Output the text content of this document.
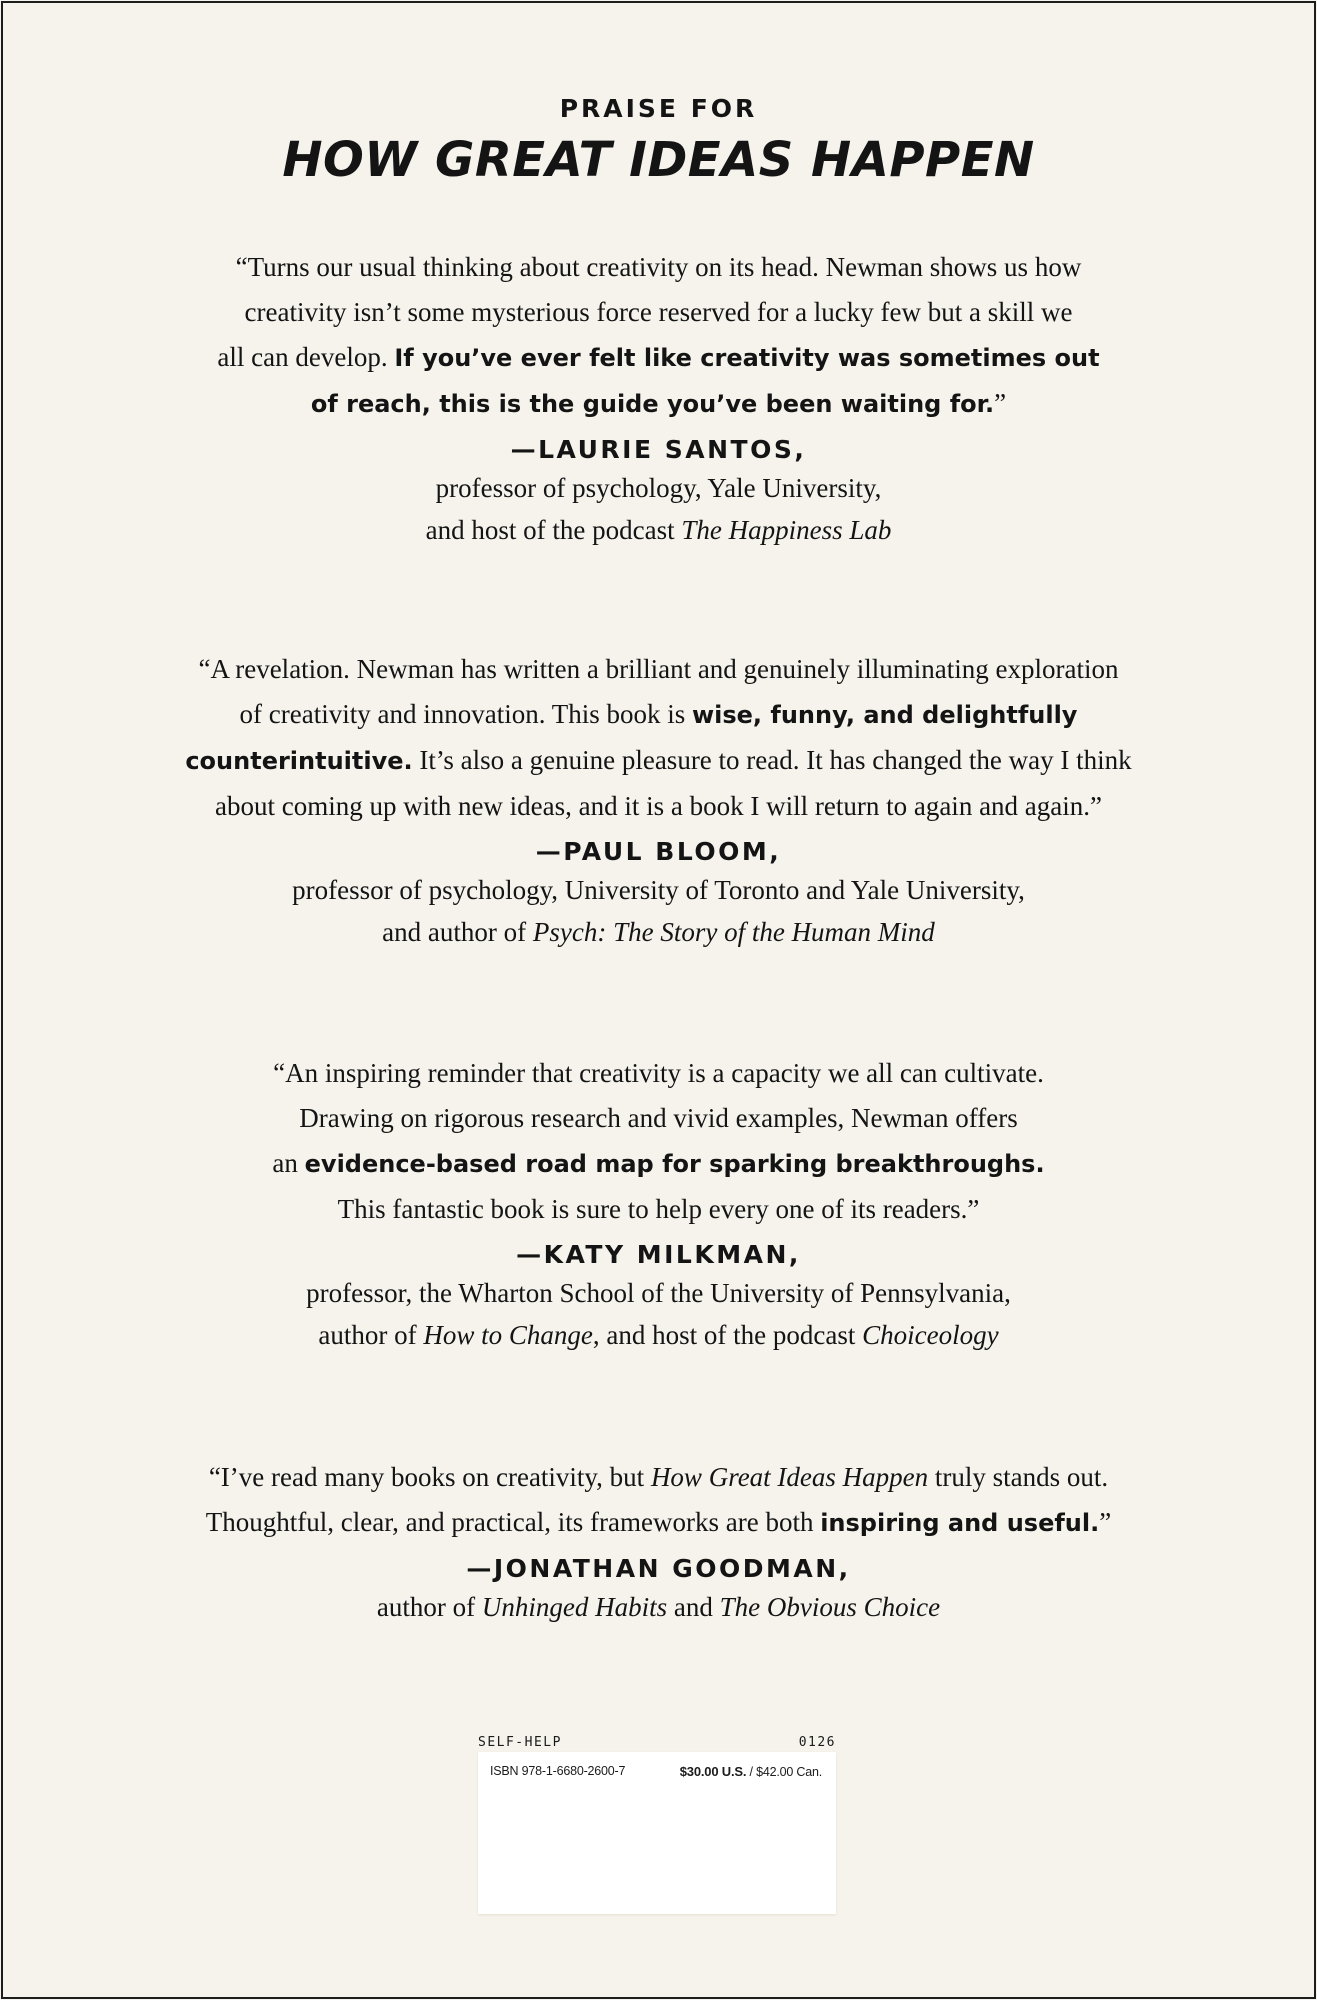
PRAISE FOR
HOW GREAT IDEAS HAPPEN
“Turns our usual thinking about creativity on its head. Newman shows us how
creativity isn’t some mysterious force reserved for a lucky few but a skill we
all can develop. If you’ve ever felt like creativity was sometimes out
of reach, this is the guide you’ve been waiting for.”
—LAURIE SANTOS,
professor of psychology, Yale University,
and host of the podcast The Happiness Lab
“A revelation. Newman has written a brilliant and genuinely illuminating exploration
of creativity and innovation. This book is wise, funny, and delightfully
counterintuitive. It’s also a genuine pleasure to read. It has changed the way I think
about coming up with new ideas, and it is a book I will return to again and again.”
—PAUL BLOOM,
professor of psychology, University of Toronto and Yale University,
and author of Psych: The Story of the Human Mind
“An inspiring reminder that creativity is a capacity we all can cultivate.
Drawing on rigorous research and vivid examples, Newman offers
an evidence-based road map for sparking breakthroughs.
This fantastic book is sure to help every one of its readers.”
—KATY MILKMAN,
professor, the Wharton School of the University of Pennsylvania,
author of How to Change, and host of the podcast Choiceology
“I’ve read many books on creativity, but How Great Ideas Happen truly stands out.
Thoughtful, clear, and practical, its frameworks are both inspiring and useful.”
—JONATHAN GOODMAN,
author of Unhinged Habits and The Obvious Choice
SELF-HELP	0126
ISBN 978-1-6680-2600-7	$30.00 U.S. / $42.00 Can.
